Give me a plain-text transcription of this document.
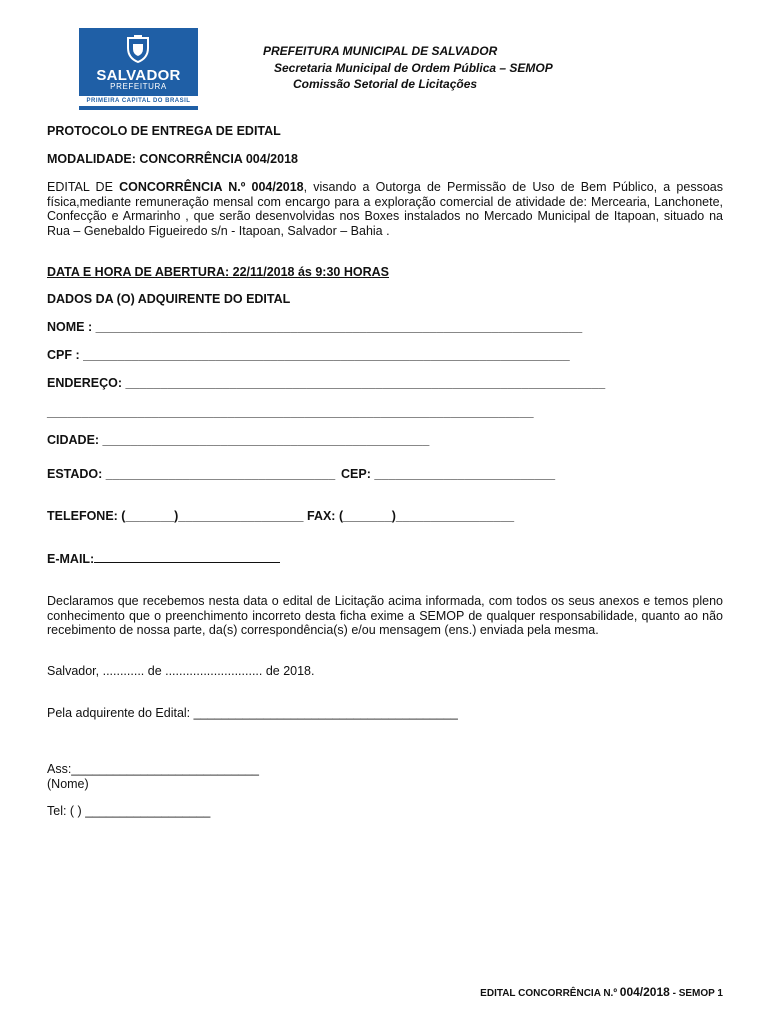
SALVADOR
PREFEITURA
PRIMEIRA CAPITAL DO BRASIL
PREFEITURA MUNICIPAL DE SALVADOR
Secretaria Municipal de Ordem Pública – SEMOP
Comissão Setorial de Licitações
PROTOCOLO DE ENTREGA DE EDITAL
MODALIDADE: CONCORRÊNCIA 004/2018
EDITAL DE CONCORRÊNCIA N.º 004/2018, visando a Outorga de Permissão de Uso de Bem Público, a pessoas física,mediante remuneração mensal com encargo para a exploração comercial de atividade de: Mercearia, Lanchonete, Confecção e Armarinho , que serão desenvolvidas nos Boxes instalados no Mercado Municipal de Itapoan, situado na Rua – Genebaldo Figueiredo s/n - Itapoan, Salvador – Bahia .
DATA E HORA DE ABERTURA: 22/11/2018 ás 9:30 HORAS
DADOS DA (O) ADQUIRENTE DO EDITAL
NOME : ______________________________________________________________________
CPF : ______________________________________________________________________
ENDEREÇO: _____________________________________________________________________
______________________________________________________________________
CIDADE: _______________________________________________
ESTADO: _________________________________ CEP: __________________________
TELEFONE: (_______)__________________ FAX: (_______)_________________
E-MAIL:
Declaramos que recebemos nesta data o edital de Licitação acima informada, com todos os seus anexos e temos pleno conhecimento que o preenchimento incorreto desta ficha exime a SEMOP de qualquer responsabilidade, quanto ao não recebimento de nossa parte, da(s) correspondência(s) e/ou mensagem (ens.) enviada pela mesma.
Salvador, ............ de ............................ de 2018.
Pela adquirente do Edital: ______________________________________
Ass:___________________________
(Nome)
Tel: ( ) __________________
EDITAL CONCORRÊNCIA N.º 004/2018 - SEMOP 1
